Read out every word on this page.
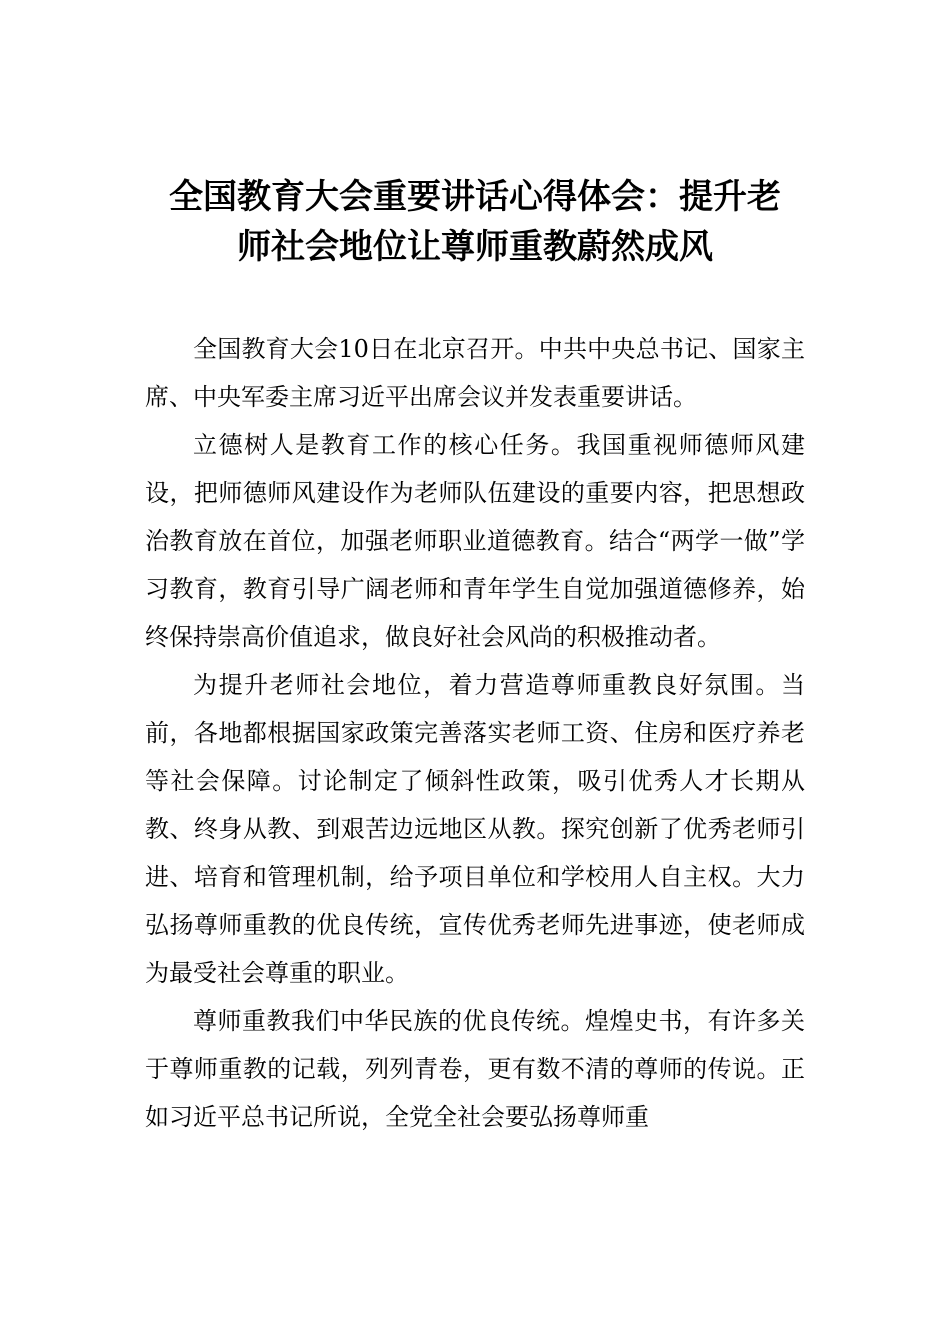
全国教育大会重要讲话心得体会：提升老
师社会地位让尊师重教蔚然成风

全国教育大会10日在北京召开。中共中央总书记、国家主席、中央军委主席习近平出席会议并发表重要讲话。

立德树人是教育工作的核心任务。我国重视师德师风建设，把师德师风建设作为老师队伍建设的重要内容，把思想政治教育放在首位，加强老师职业道德教育。结合“两学一做”学习教育，教育引导广阔老师和青年学生自觉加强道德修养，始终保持崇高价值追求，做良好社会风尚的积极推动者。

为提升老师社会地位，着力营造尊师重教良好氛围。当前，各地都根据国家政策完善落实老师工资、住房和医疗养老等社会保障。讨论制定了倾斜性政策，吸引优秀人才长期从教、终身从教、到艰苦边远地区从教。探究创新了优秀老师引进、培育和管理机制，给予项目单位和学校用人自主权。大力弘扬尊师重教的优良传统，宣传优秀老师先进事迹，使老师成为最受社会尊重的职业。

尊师重教我们中华民族的优良传统。煌煌史书，有许多关于尊师重教的记载，列列青卷，更有数不清的尊师的传说。正如习近平总书记所说，全党全社会要弘扬尊师重
